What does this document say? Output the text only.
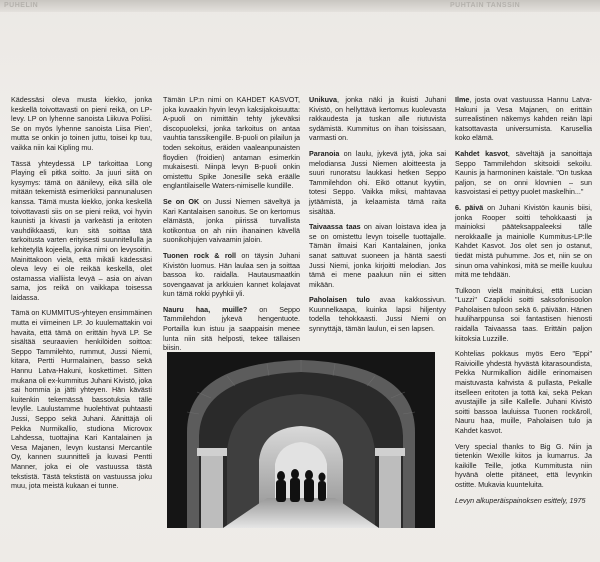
PUHELIN	PUHTAIN TANSSIN

Kädessäsi oleva musta kiekko, jonka keskellä toivottavasti on pieni reikä, on LP-levy. LP on lyhenne sanoista Liikuva Poliisi. Se on myös lyhenne sanoista Liisa Pien', mutta se onkin jo toinen juttu, toisei kp tuu, vaikka niin kai Kipling mu.

Tässä yhteydessä LP tarkoittaa Long Playing eli pitkä soitto. Ja juuri siitä on kysymys: tämä on äänilevy, eikä sillä ole mitään tekemistä esimerkiksi pannunalusen kanssa. Tämä musta kiekko, jonka keskellä toivottavasti siis on se pieni reikä, voi hyvin kaunisti ja kivasti ja varkeästi ja eritoten vauhdikkaasti, kun sitä soittaa tätä tarkoitusta varten erityisesti suunnitellulla ja kehitetyllä kojeella, jonka nimi on levysoitin. Mainittakoon vielä, että mikäli kädessäsi oleva levy ei ole reikää keskellä, olet ostamassa vialliista levyä – asia on aivan sama, jos reikä on vaikkapa toisessa laidassa.

Tämä on KUMMITUS-yhteyen ensimmäinen mutta ei viimeinen LP. Jo kuulemattakin voi havaita, että tämä on erittäin hyvä LP. Se sisältää seuraavien henkilöiden soittoa: Seppo Tammilehto, rummut, Jussi Niemi, kitara, Pertti Hurmalainen, basso sekä Hannu Latva-Hakuni, koskettimet. Sitten mukana oli ex-kummitus Juhani Kivistö, joka sai hommia ja jätti yhteyen. Hän kävästi kuitenkin tekemässä bassotuksia tälle levylle. Laulustamme huolehtivat puhtaasti Jussi, Seppo sekä Juhani. Äänittäjä oli Pekka Nurmikallio, studiona Microvox Lahdessa, tuottajina Kari Kantalainen ja Vesa Majanen, levyn kustansi Mercantile Oy, kannen suunnitteli ja kuvasi Pentti Manner, joka ei ole vastuussa tästä tekstistä. Tästä tekstistä on vastuussa joku muu, jota meistä kukaan ei tunne.

Tämän LP:n nimi on KAHDET KASVOT, joka kuvaakin hyvin levyn kaksijakoisuutta: A-puoli on nimittäin tehty jykeväksi discopuoleksi, jonka tarkoitus on antaa vauhtia tanssikengille. B-puoli on pilailun ja toden sekoitus, eräiden vaaleanpunaisten floydien (froidien) antaman esimerkin mukaisesti. Niinpä levyn B-puoli onkin omistettu Spike Jonesille sekä eräälle englantilaiselle Waters-nimiselle kundille.

Se on OK on Jussi Niemen säveltyä ja Kari Kantalaisen sanoitus. Se on kertomus elämästä, jonka piirissä turvallista kotikontua on ah niin ihanainen kävellä suonikohjujen vaivaamin jaloin.

Tuonen rock & roll on täysin Juhani Kivistön luomus. Hän laulaa sen ja soittaa bassoa ko. raidalla. Hautausmaatkin sovengaavat ja arkkuien kannet kolajavat kun tämä rokki pyyhkii yli.

Nauru haa, muille? on Seppo Tammilehdon jykevä hengentuote. Portailla kun istuu ja saappaisin menee lunta niin sitä helposti, tekee tällaisen biisin.

Unikuva, jonka näki ja ikuisti Juhani Kivistö, on hellyttävä kertomus kuolevasta rakkaudesta ja tuskan alle riutuvista sydämistä. Kummitus on ihan toisissaan, varmasti on.

Paranoia on laulu, jykevä jytä, joka sai melodiansa Jussi Niemen aloitteesta ja suuri runoratsu laukkasi hetken Seppo Tammilehdon ohi. Eikö ottanut kyytiin, totesi Seppo. Vaikka miksi, mahtavaa jytäämistä, ja kelaamista tämä raita sisältää.

Taivaassa taas on aivan loistava idea ja se on omistettu levyn toiselle tuottajalle. Tämän ilmaisi Kari Kantalainen, jonka sanat sattuvat suoneen ja häntä saesti Jussi Niemi, jonka kirjoitti melodian. Jos tämä ei mene paaluun niin ei sitten mikään.

Paholaisen tulo avaa kakkossivun. Kuunnelkaapa, kuinka lapsi hiljentyy todella tehokkaasti. Jussi Niemi on synnyttäjä, tämän laulun, ei sen lapsen.

Ilme, josta ovat vastuussa Hannu Latva-Hakuni ja Vesa Majanen, on erittäin surrealistinen näkemys kahden reiän läpi katsottavasta universumista. Karusellia koko elämä.

Kahdet kasvot, säveltäjä ja sanoittaja Seppo Tammilehdon skitsoidi sekoilu. Kaunis ja harmoninen kaistale. "On tuskaa paljon, se on onni klovnien – sun kasvoistasi ei pettyy puolet maskelhin..."

6. päivä on Juhani Kivistön kaunis biisi, jonka Rooper soitti tehokkaasti ja mainioksi pääteksappaleeksi tälle nerokkaalle ja mainiolle Kummitus-LP:lle Kahdet Kasvot. Jos olet sen jo ostanut, tiedät mistä puhumme. Jos et, niin se on sinun oma vahinkosi, mitä se meille kuuluu mitä me tehdään.

Tulkoon vielä mainituksi, että Lucian "Luzzi" Czaplicki soitti saksofonisoolon Paholaisen tuloon sekä 6. päivään. Hänen huuliharppunsa soi fantastisen hienosti raidalla Taivaassa taas. Erittäin paljon kiitoksia Luzzille.

Kohtelias pokkaus myös Eero "Eppi" Raivioille yhdestä hyvästä kitarasoundista, Pekka Nurmikallion äidille erinomaisen maistuvasta kahvista & pullasta, Pekalle itselleen eritoten ja tottä kai, sekä Pekan avustajille ja sille Kallelle. Juhani Kivistö soitti bassoa lauluissa Tuonen rock&roll, Nauru haa, muille, Paholaisen tulo ja Kahdet kasvot.

Very special thanks to Big G. Niin ja tietenkin Wexille kiitos ja kumarrus. Ja kaikille Teille, jotka Kummitusta niin hyvänä olette pitäneet, että levynkin ostitte. Mukavia kuunteluita.

Levyn alkuperäispainoksen esittely, 1975
